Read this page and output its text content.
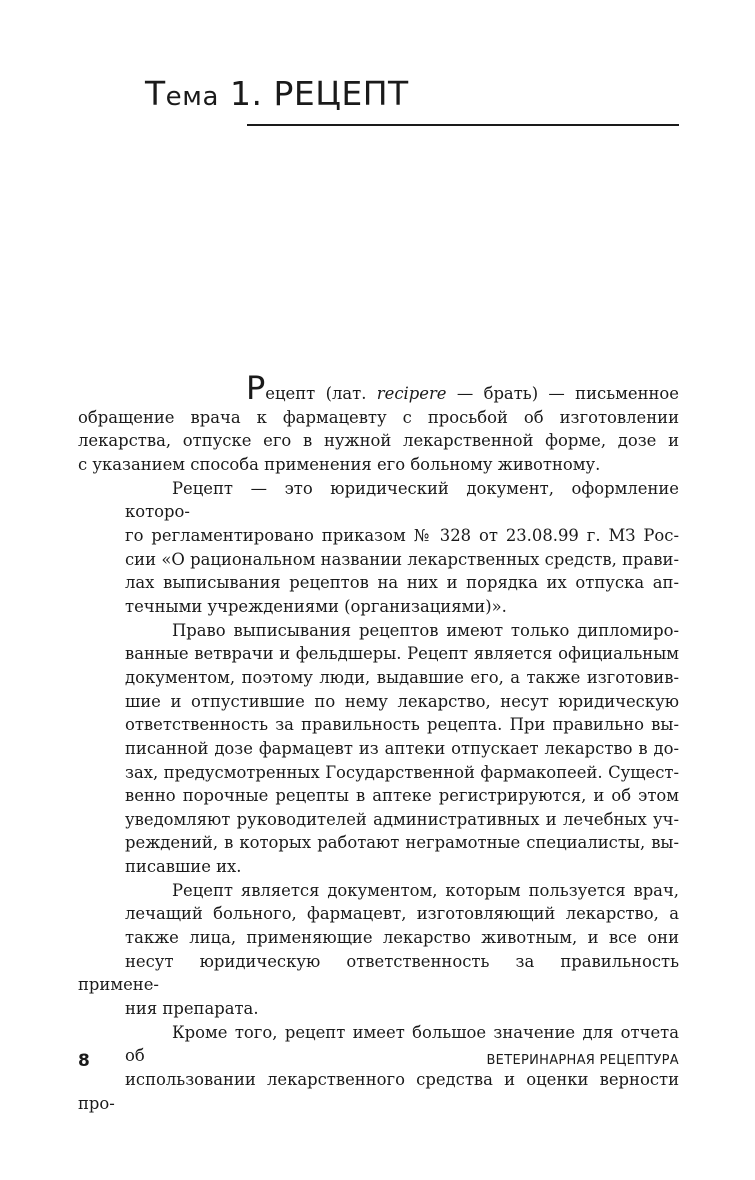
Тема 1. РЕЦЕПТ
Рецепт (лат. recipere — брать) — письменное
обращение врача к фармацевту с просьбой об изготовлении
лекарства, отпуске его в нужной лекарственной форме, дозе и
с указанием способа применения его больному животному.
Рецепт — это юридический документ, оформление которо-
го регламентировано приказом № 328 от 23.08.99 г. МЗ Рос-
сии «О рациональном названии лекарственных средств, прави-
лах выписывания рецептов на них и порядка их отпуска ап-
течными учреждениями (организациями)».
Право выписывания рецептов имеют только дипломиро-
ванные ветврачи и фельдшеры. Рецепт является официальным
документом, поэтому люди, выдавшие его, а также изготовив-
шие и отпустившие по нему лекарство, несут юридическую
ответственность за правильность рецепта. При правильно вы-
писанной дозе фармацевт из аптеки отпускает лекарство в до-
зах, предусмотренных Государственной фармакопеей. Сущест-
венно порочные рецепты в аптеке регистрируются, и об этом
уведомляют руководителей административных и лечебных уч-
реждений, в которых работают неграмотные специалисты, вы-
писавшие их.
Рецепт является документом, которым пользуется врач,
лечащий больного, фармацевт, изготовляющий лекарство, а
также лица, применяющие лекарство животным, и все они
несут юридическую ответственность за правильность примене-
ния препарата.
Кроме того, рецепт имеет большое значение для отчета об
использовании лекарственного средства и оценки верности про-
8	ВЕТЕРИНАРНАЯ РЕЦЕПТУРА
